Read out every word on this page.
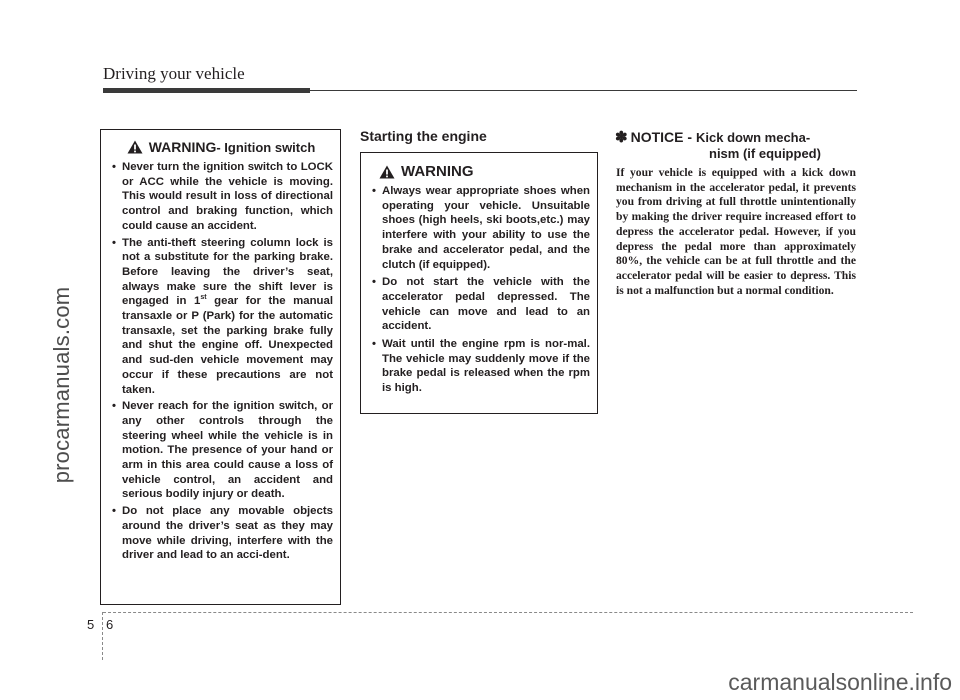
Driving your vehicle
procarmanuals.com
WARNING - Ignition switch
• Never turn the ignition switch to LOCK or ACC while the vehicle is moving. This would result in loss of directional control and braking function, which could cause an accident.
• The anti-theft steering column lock is not a substitute for the parking brake. Before leaving the driver’s seat, always make sure the shift lever is engaged in 1st gear for the manual transaxle or P (Park) for the automatic transaxle, set the parking brake fully and shut the engine off. Unexpected and sud-den vehicle movement may occur if these precautions are not taken.
• Never reach for the ignition switch, or any other controls through the steering wheel while the vehicle is in motion. The presence of your hand or arm in this area could cause a loss of vehicle control, an accident and serious bodily injury or death.
• Do not place any movable objects around the driver’s seat as they may move while driving, interfere with the driver and lead to an acci-dent.
Starting the engine
WARNING
• Always wear appropriate shoes when operating your vehicle. Unsuitable shoes (high heels, ski boots,etc.) may interfere with your ability to use the brake and accelerator pedal, and the clutch (if equipped).
• Do not start the vehicle with the accelerator pedal depressed. The vehicle can move and lead to an accident.
• Wait until the engine rpm is nor-mal. The vehicle may suddenly move if the brake pedal is released when the rpm is high.
✽ NOTICE - Kick down mecha-
nism (if equipped)
If your vehicle is equipped with a kick down mechanism in the accelerator pedal, it prevents you from driving at full throttle unintentionally by making the driver require increased effort to depress the accelerator pedal. However, if you depress the pedal more than approximately 80%, the vehicle can be at full throttle and the accelerator pedal will be easier to depress. This is not a malfunction but a normal condition.
5 6
carmanualsonline.info
